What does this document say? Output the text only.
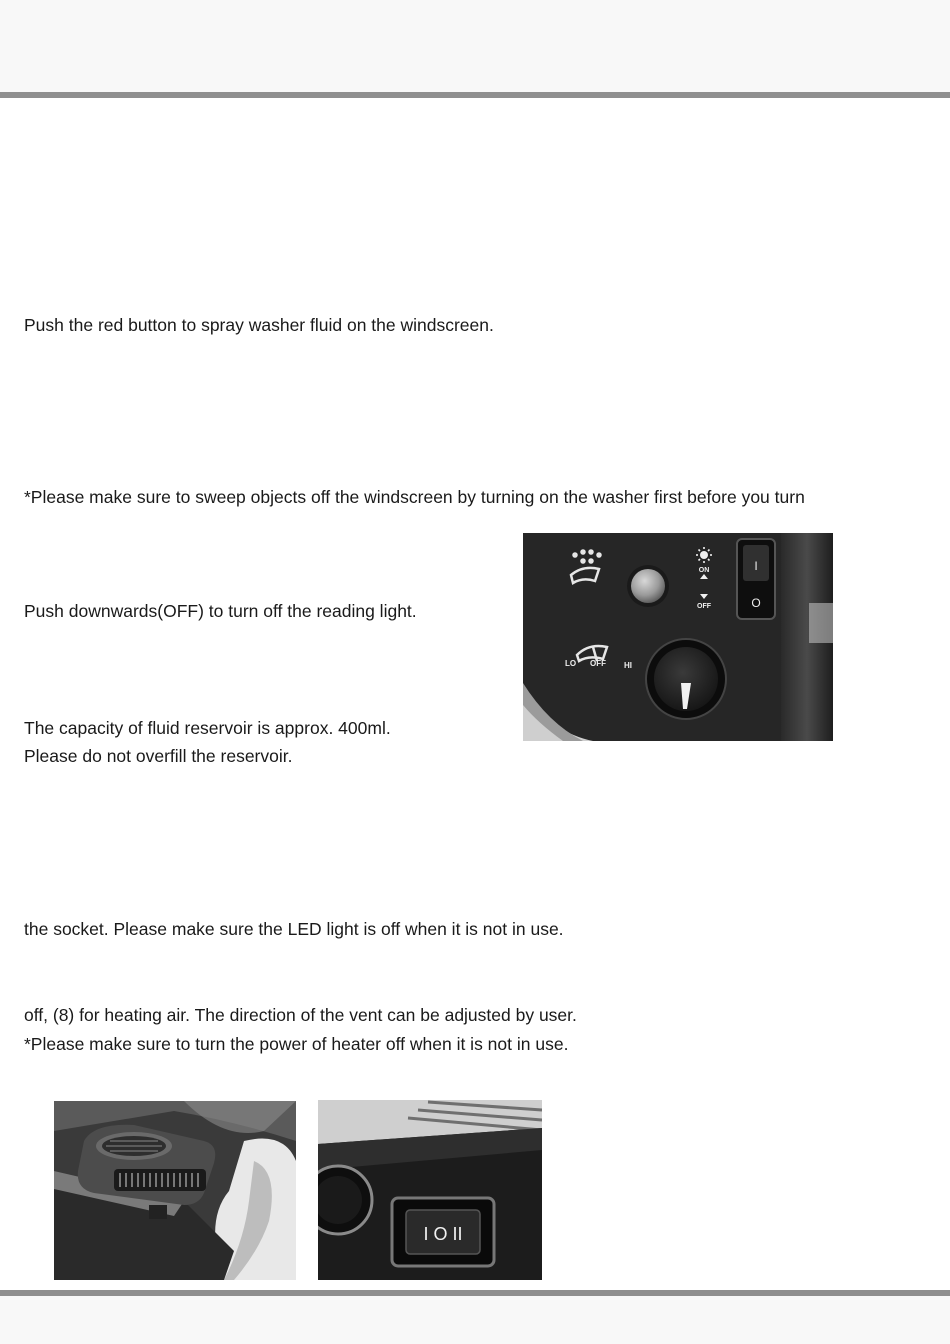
Push the red button to spray washer fluid on the windscreen.
*Please make sure to sweep objects off the windscreen by turning on the washer first before you turn
Push downwards(OFF) to turn off the reading light.
The capacity of fluid reservoir is approx. 400ml.
Please do not overfill the reservoir.
the socket. Please make sure the LED light is off when it is not in use.
off, (8) for heating air. The direction of the vent can be adjusted by user.
*Please make sure to turn the power of heater off when it is not in use.
ON
OFF
I
O
LO OFF HI
I O II
